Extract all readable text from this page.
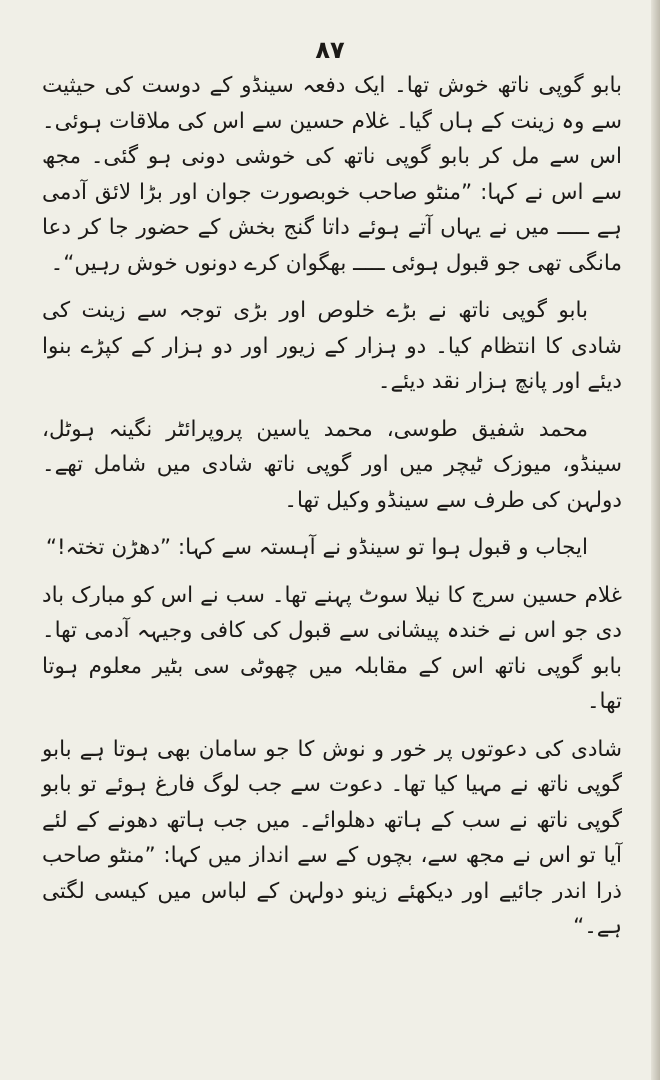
۸۷

بابو گوپی ناتھ خوش تھا۔ ایک دفعہ سینڈو کے دوست کی حیثیت سے وہ زینت کے ہاں گیا۔ غلام حسین سے اس کی ملاقات ہوئی۔ اس سے مل کر بابو گوپی ناتھ کی خوشی دونی ہو گئی۔ مجھ سے اس نے کہا: ”منٹو صاحب خوبصورت جوان اور بڑا لائق آدمی ہے ـــــ میں نے یہاں آتے ہوئے داتا گنج بخش کے حضور جا کر دعا مانگی تھی جو قبول ہوئی ـــــ بھگوان کرے دونوں خوش رہیں“۔

بابو گوپی ناتھ نے بڑے خلوص اور بڑی توجہ سے زینت کی شادی کا انتظام کیا۔ دو ہزار کے زیور اور دو ہزار کے کپڑے بنوا دیئے اور پانچ ہزار نقد دیئے۔

محمد شفیق طوسی، محمد یاسین پروپرائٹر نگینہ ہوٹل، سینڈو، میوزک ٹیچر میں اور گوپی ناتھ شادی میں شامل تھے۔ دولہن کی طرف سے سینڈو وکیل تھا۔

ایجاب و قبول ہوا تو سینڈو نے آہستہ سے کہا: ”دھڑن تختہ!“

غلام حسین سرج کا نیلا سوٹ پہنے تھا۔ سب نے اس کو مبارک باد دی جو اس نے خندہ پیشانی سے قبول کی کافی وجیہہ آدمی تھا۔ بابو گوپی ناتھ اس کے مقابلہ میں چھوٹی سی بٹیر معلوم ہوتا تھا۔

شادی کی دعوتوں پر خور و نوش کا جو سامان بھی ہوتا ہے بابو گوپی ناتھ نے مہیا کیا تھا۔ دعوت سے جب لوگ فارغ ہوئے تو بابو گوپی ناتھ نے سب کے ہاتھ دھلوائے۔ میں جب ہاتھ دھونے کے لئے آیا تو اس نے مجھ سے، بچوں کے سے انداز میں کہا: ”منٹو صاحب ذرا اندر جائیے اور دیکھئے زینو دولہن کے لباس میں کیسی لگتی ہے۔“
